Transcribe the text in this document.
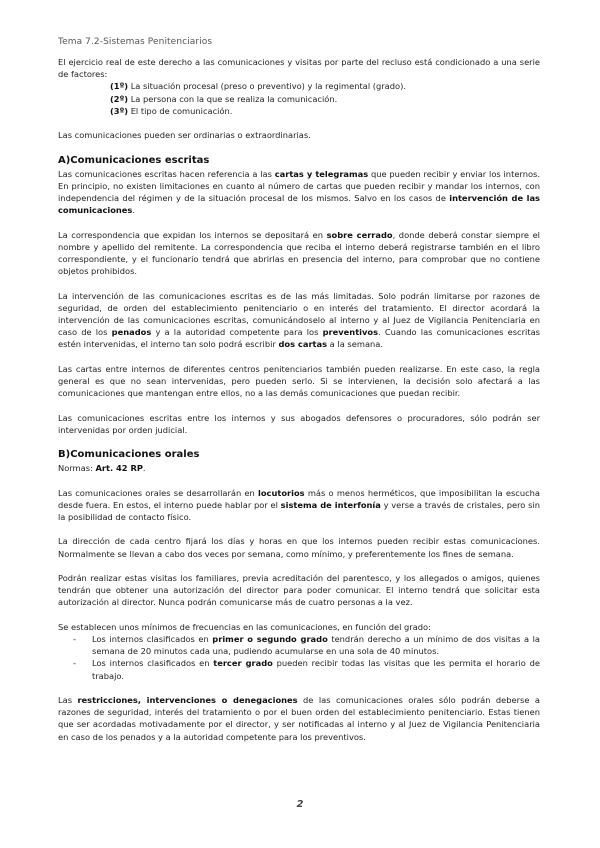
Tema 7.2-Sistemas Penitenciarios

El ejercicio real de este derecho a las comunicaciones y visitas por parte del recluso está condicionado a una serie de factores:

(1º) La situación procesal (preso o preventivo) y la regimental (grado).
(2º) La persona con la que se realiza la comunicación.
(3º) El tipo de comunicación.

Las comunicaciones pueden ser ordinarias o extraordinarias.

A)Comunicaciones escritas

Las comunicaciones escritas hacen referencia a las cartas y telegramas que pueden recibir y enviar los internos. En principio, no existen limitaciones en cuanto al número de cartas que pueden recibir y mandar los internos, con independencia del régimen y de la situación procesal de los mismos. Salvo en los casos de intervención de las comunicaciones.

La correspondencia que expidan los internos se depositará en sobre cerrado, donde deberá constar siempre el nombre y apellido del remitente. La correspondencia que reciba el interno deberá registrarse también en el libro correspondiente, y el funcionario tendrá que abrirlas en presencia del interno, para comprobar que no contiene objetos prohibidos.

La intervención de las comunicaciones escritas es de las más limitadas. Solo podrán limitarse por razones de seguridad, de orden del establecimiento penitenciario o en interés del tratamiento. El director acordará la intervención de las comunicaciones escritas, comunicándoselo al interno y al Juez de Vigilancia Penitenciaria en caso de los penados y a la autoridad competente para los preventivos. Cuando las comunicaciones escritas estén intervenidas, el interno tan solo podrá escribir dos cartas a la semana.

Las cartas entre internos de diferentes centros penitenciarios también pueden realizarse. En este caso, la regla general es que no sean intervenidas, pero pueden serlo. Si se intervienen, la decisión solo afectará a las comunicaciones que mantengan entre ellos, no a las demás comunicaciones que puedan recibir.

Las comunicaciones escritas entre los internos y sus abogados defensores o procuradores, sólo podrán ser intervenidas por orden judicial.

B)Comunicaciones orales

Normas: Art. 42 RP.

Las comunicaciones orales se desarrollarán en locutorios más o menos herméticos, que imposibilitan la escucha desde fuera. En estos, el interno puede hablar por el sistema de interfonía y verse a través de cristales, pero sin la posibilidad de contacto físico.

La dirección de cada centro fijará los días y horas en que los internos pueden recibir estas comunicaciones. Normalmente se llevan a cabo dos veces por semana, como mínimo, y preferentemente los fines de semana.

Podrán realizar estas visitas los familiares, previa acreditación del parentesco, y los allegados o amigos, quienes tendrán que obtener una autorización del director para poder comunicar. El interno tendrá que solicitar esta autorización al director. Nunca podrán comunicarse más de cuatro personas a la vez.

Se establecen unos mínimos de frecuencias en las comunicaciones, en función del grado:

- Los internos clasificados en primer o segundo grado tendrán derecho a un mínimo de dos visitas a la semana de 20 minutos cada una, pudiendo acumularse en una sola de 40 minutos.
- Los internos clasificados en tercer grado pueden recibir todas las visitas que les permita el horario de trabajo.

Las restricciones, intervenciones o denegaciones de las comunicaciones orales sólo podrán deberse a razones de seguridad, interés del tratamiento o por el buen orden del establecimiento penitenciario. Estas tienen que ser acordadas motivadamente por el director, y ser notificadas al interno y al Juez de Vigilancia Penitenciaria en caso de los penados y a la autoridad competente para los preventivos.

2
